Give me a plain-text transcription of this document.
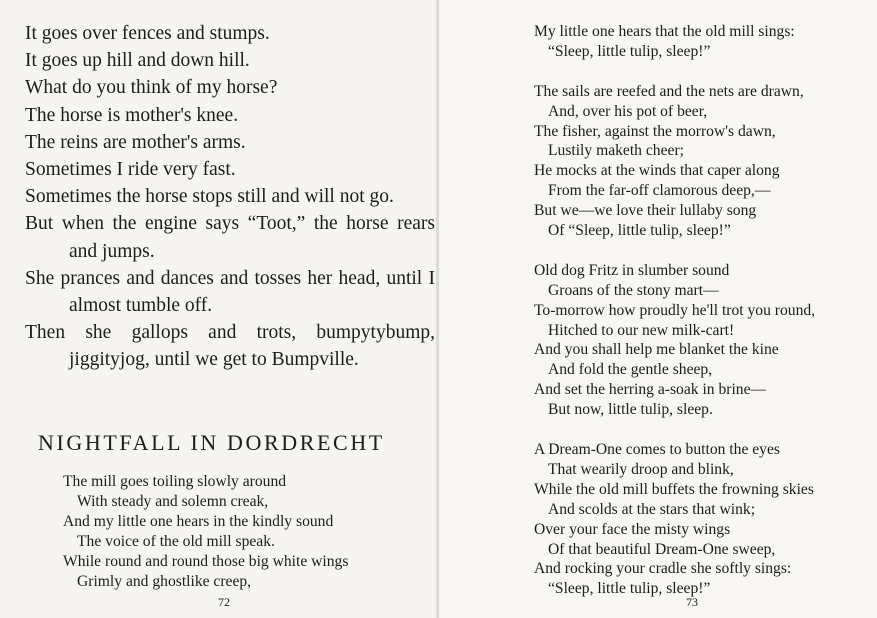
It goes over fences and stumps.

It goes up hill and down hill.

What do you think of my horse?

The horse is mother's knee.

The reins are mother's arms.

Sometimes I ride very fast.

Sometimes the horse stops still and will not go.

But when the engine says “Toot,” the horse rears and jumps.

She prances and dances and tosses her head, until I almost tumble off.

Then she gallops and trots, bumpytybump, jiggityjog, until we get to Bumpville.

NIGHTFALL IN DORDRECHT
The mill goes toiling slowly around
With steady and solemn creak,
And my little one hears in the kindly sound
The voice of the old mill speak.
While round and round those big white wings
Grimly and ghostlike creep,
72
My little one hears that the old mill sings:
“Sleep, little tulip, sleep!”
The sails are reefed and the nets are drawn,
And, over his pot of beer,
The fisher, against the morrow's dawn,
Lustily maketh cheer;
He mocks at the winds that caper along
From the far-off clamorous deep,—
But we—we love their lullaby song
Of “Sleep, little tulip, sleep!”
Old dog Fritz in slumber sound
Groans of the stony mart—
To-morrow how proudly he'll trot you round,
Hitched to our new milk-cart!
And you shall help me blanket the kine
And fold the gentle sheep,
And set the herring a-soak in brine—
But now, little tulip, sleep.
A Dream-One comes to button the eyes
That wearily droop and blink,
While the old mill buffets the frowning skies
And scolds at the stars that wink;
Over your face the misty wings
Of that beautiful Dream-One sweep,
And rocking your cradle she softly sings:
“Sleep, little tulip, sleep!”
73
